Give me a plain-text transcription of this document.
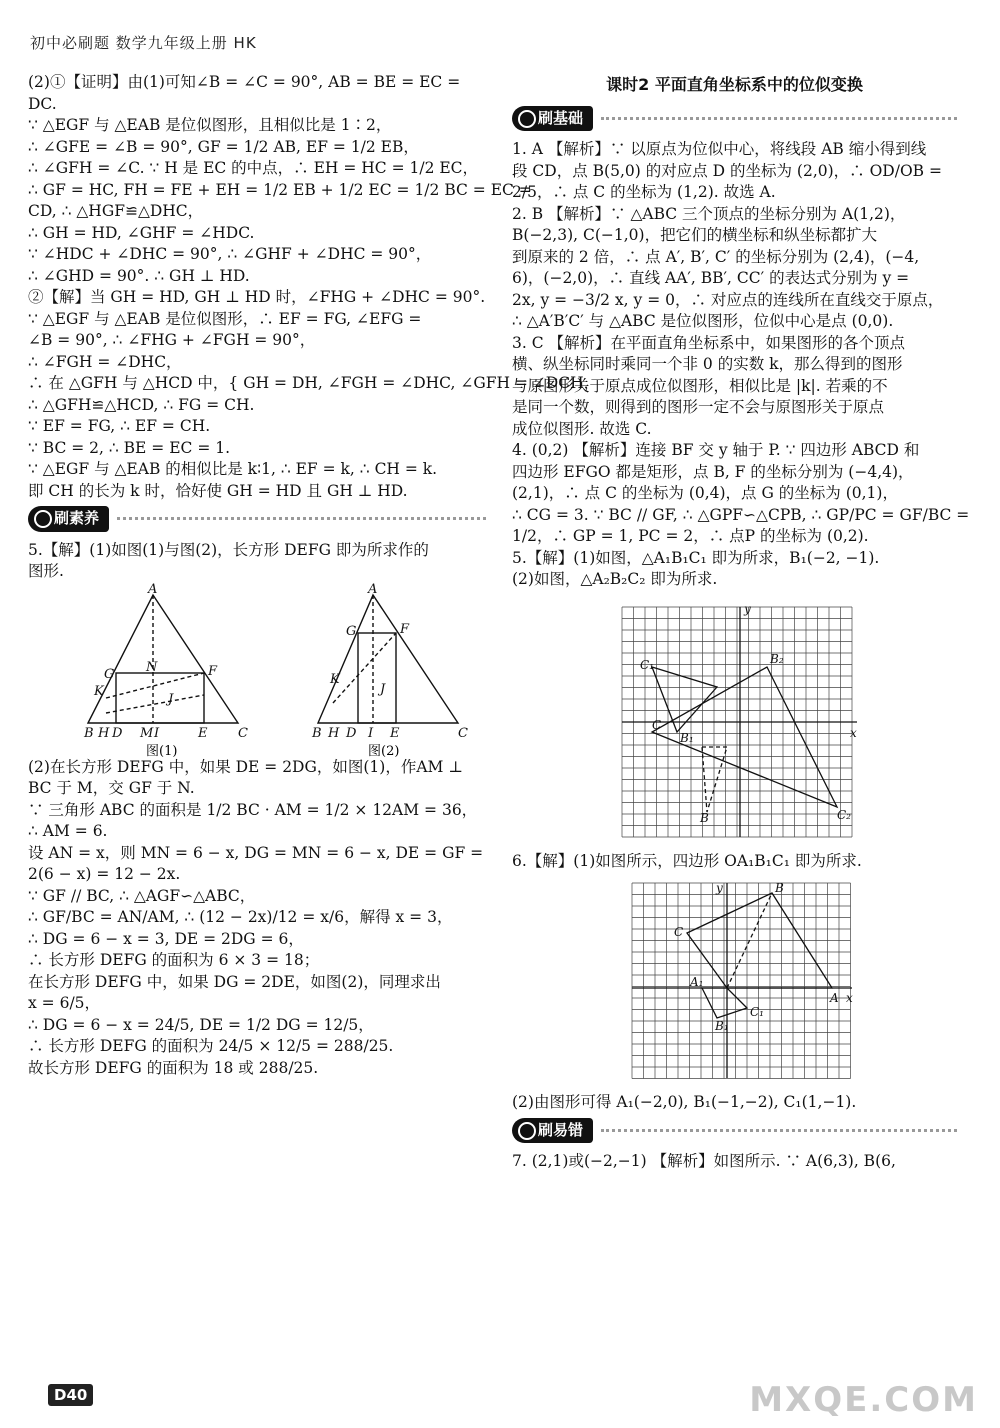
初中必刷题 数学九年级上册 HK
(2)①【证明】由(1)可知∠B = ∠C = 90°, AB = BE = EC =
DC.
∵ △EGF 与 △EAB 是位似图形，且相似比是 1∶2，
∴ ∠GFE = ∠B = 90°, GF = 1/2 AB, EF = 1/2 EB，
∴ ∠GFH = ∠C. ∵ H 是 EC 的中点，∴ EH = HC = 1/2 EC，
∴ GF = HC, FH = FE + EH = 1/2 EB + 1/2 EC = 1/2 BC = EC =
CD, ∴ △HGF≌△DHC，
∴ GH = HD, ∠GHF = ∠HDC.
∵ ∠HDC + ∠DHC = 90°, ∴ ∠GHF + ∠DHC = 90°，
∴ ∠GHD = 90°. ∴ GH ⊥ HD.
②【解】当 GH = HD, GH ⊥ HD 时，∠FHG + ∠DHC = 90°.
∵ △EGF 与 △EAB 是位似图形，∴ EF = FG, ∠EFG =
∠B = 90°, ∴ ∠FHG + ∠FGH = 90°，
∴ ∠FGH = ∠DHC，
∴ 在 △GFH 与 △HCD 中，{ GH = DH, ∠FGH = ∠DHC, ∠GFH = ∠DCH，
∴ △GFH≌△HCD, ∴ FG = CH.
∵ EF = FG, ∴ EF = CH.
∵ BC = 2, ∴ BE = EC = 1.
∵ △EGF 与 △EAB 的相似比是 k∶1, ∴ EF = k, ∴ CH = k.
即 CH 的长为 k 时，恰好使 GH = HD 且 GH ⊥ HD.
刷素养
5.【解】(1)如图(1)与图(2)，长方形 DEFG 即为所求作的
图形.
A
G N	F
K
J
B H D M I	E C
A
G	F
K
J
B H D I E	C
图(1)	图(2)
(2)在长方形 DEFG 中，如果 DE = 2DG，如图(1)，作AM ⊥
BC 于 M，交 GF 于 N.
∵ 三角形 ABC 的面积是 1/2 BC · AM = 1/2 × 12AM = 36，
∴ AM = 6.
设 AN = x，则 MN = 6 − x, DG = MN = 6 − x, DE = GF =
2(6 − x) = 12 − 2x.
∵ GF // BC, ∴ △AGF∽△ABC，
∴ GF/BC = AN/AM, ∴ (12 − 2x)/12 = x/6，解得 x = 3，
∴ DG = 6 − x = 3, DE = 2DG = 6，
∴ 长方形 DEFG 的面积为 6 × 3 = 18；
在长方形 DEFG 中，如果 DG = 2DE，如图(2)，同理求出
x = 6/5，
∴ DG = 6 − x = 24/5, DE = 1/2 DG = 12/5，
∴ 长方形 DEFG 的面积为 24/5 × 12/5 = 288/25.
故长方形 DEFG 的面积为 18 或 288/25.
课时2 平面直角坐标系中的位似变换
刷基础
1. A 【解析】∵ 以原点为位似中心，将线段 AB 缩小得到线
段 CD，点 B(5,0) 的对应点 D 的坐标为 (2,0)，∴ OD/OB =
2/5，∴ 点 C 的坐标为 (1,2). 故选 A.
2. B 【解析】∵ △ABC 三个顶点的坐标分别为 A(1,2)，
B(−2,3), C(−1,0)，把它们的横坐标和纵坐标都扩大
到原来的 2 倍，∴ 点 A′, B′, C′ 的坐标分别为 (2,4)，(−4,
6)，(−2,0)，∴ 直线 AA′, BB′, CC′ 的表达式分别为 y =
2x, y = −3/2 x, y = 0，∴ 对应点的连线所在直线交于原点，
∴ △A′B′C′ 与 △ABC 是位似图形，位似中心是点 (0,0).
3. C 【解析】在平面直角坐标系中，如果图形的各个顶点
横、纵坐标同时乘同一个非 0 的实数 k，那么得到的图形
与原图形关于原点成位似图形，相似比是 |k|. 若乘的不
是同一个数，则得到的图形一定不会与原图形关于原点
成位似图形. 故选 C.
4. (0,2) 【解析】连接 BF 交 y 轴于 P. ∵ 四边形 ABCD 和
四边形 EFGO 都是矩形，点 B, F 的坐标分别为 (−4,4)，
(2,1)，∴ 点 C 的坐标为 (0,4)，点 G 的坐标为 (0,1)，
∴ CG = 3. ∵ BC // GF, ∴ △GPF∽△CPB, ∴ GP/PC = GF/BC =
1/2，∴ GP = 1, PC = 2，∴ 点P 的坐标为 (0,2).
5.【解】(1)如图，△A₁B₁C₁ 即为所求，B₁(−2, −1).
(2)如图，△A₂B₂C₂ 即为所求.
y
x
C₁	B₂
C
C₂
B
B₁
6.【解】(1)如图所示，四边形 OA₁B₁C₁ 即为所求.
y
x
C
B
A
A₁
B₁
C₁
(2)由图形可得 A₁(−2,0), B₁(−1,−2), C₁(1,−1).
刷易错
7. (2,1)或(−2,−1) 【解析】如图所示. ∵ A(6,3), B(6,
D40	MXQE.COM
